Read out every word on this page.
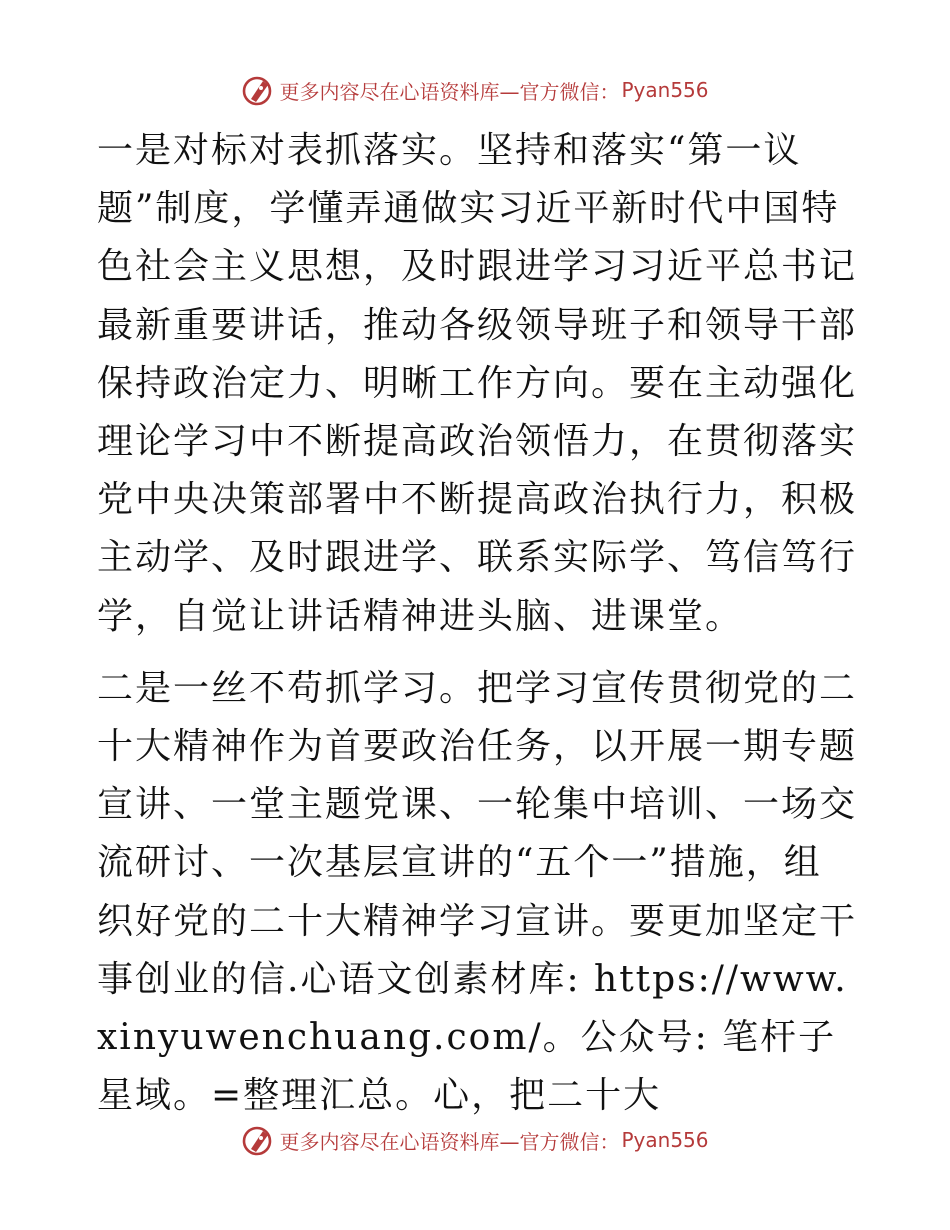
更多内容尽在心语资料库—官方微信： Pyan556

一是对标对表抓落实。坚持和落实“第一议题”制度，学懂弄通做实习近平新时代中国特色社会主义思想，及时跟进学习习近平总书记最新重要讲话，推动各级领导班子和领导干部保持政治定力、明晰工作方向。要在主动强化理论学习中不断提高政治领悟力，在贯彻落实党中央决策部署中不断提高政治执行力，积极主动学、及时跟进学、联系实际学、笃信笃行学，自觉让讲话精神进头脑、进课堂。

二是一丝不苟抓学习。把学习宣传贯彻党的二十大精神作为首要政治任务，以开展一期专题宣讲、一堂主题党课、一轮集中培训、一场交流研讨、一次基层宣讲的“五个一”措施，组织好党的二十大精神学习宣讲。要更加坚定干事创业的信.心语文创素材库: https://www.xinyuwenchuang.com/。公众号: 笔杆子星域。=整理汇总。心，把二十大

更多内容尽在心语资料库—官方微信： Pyan556
